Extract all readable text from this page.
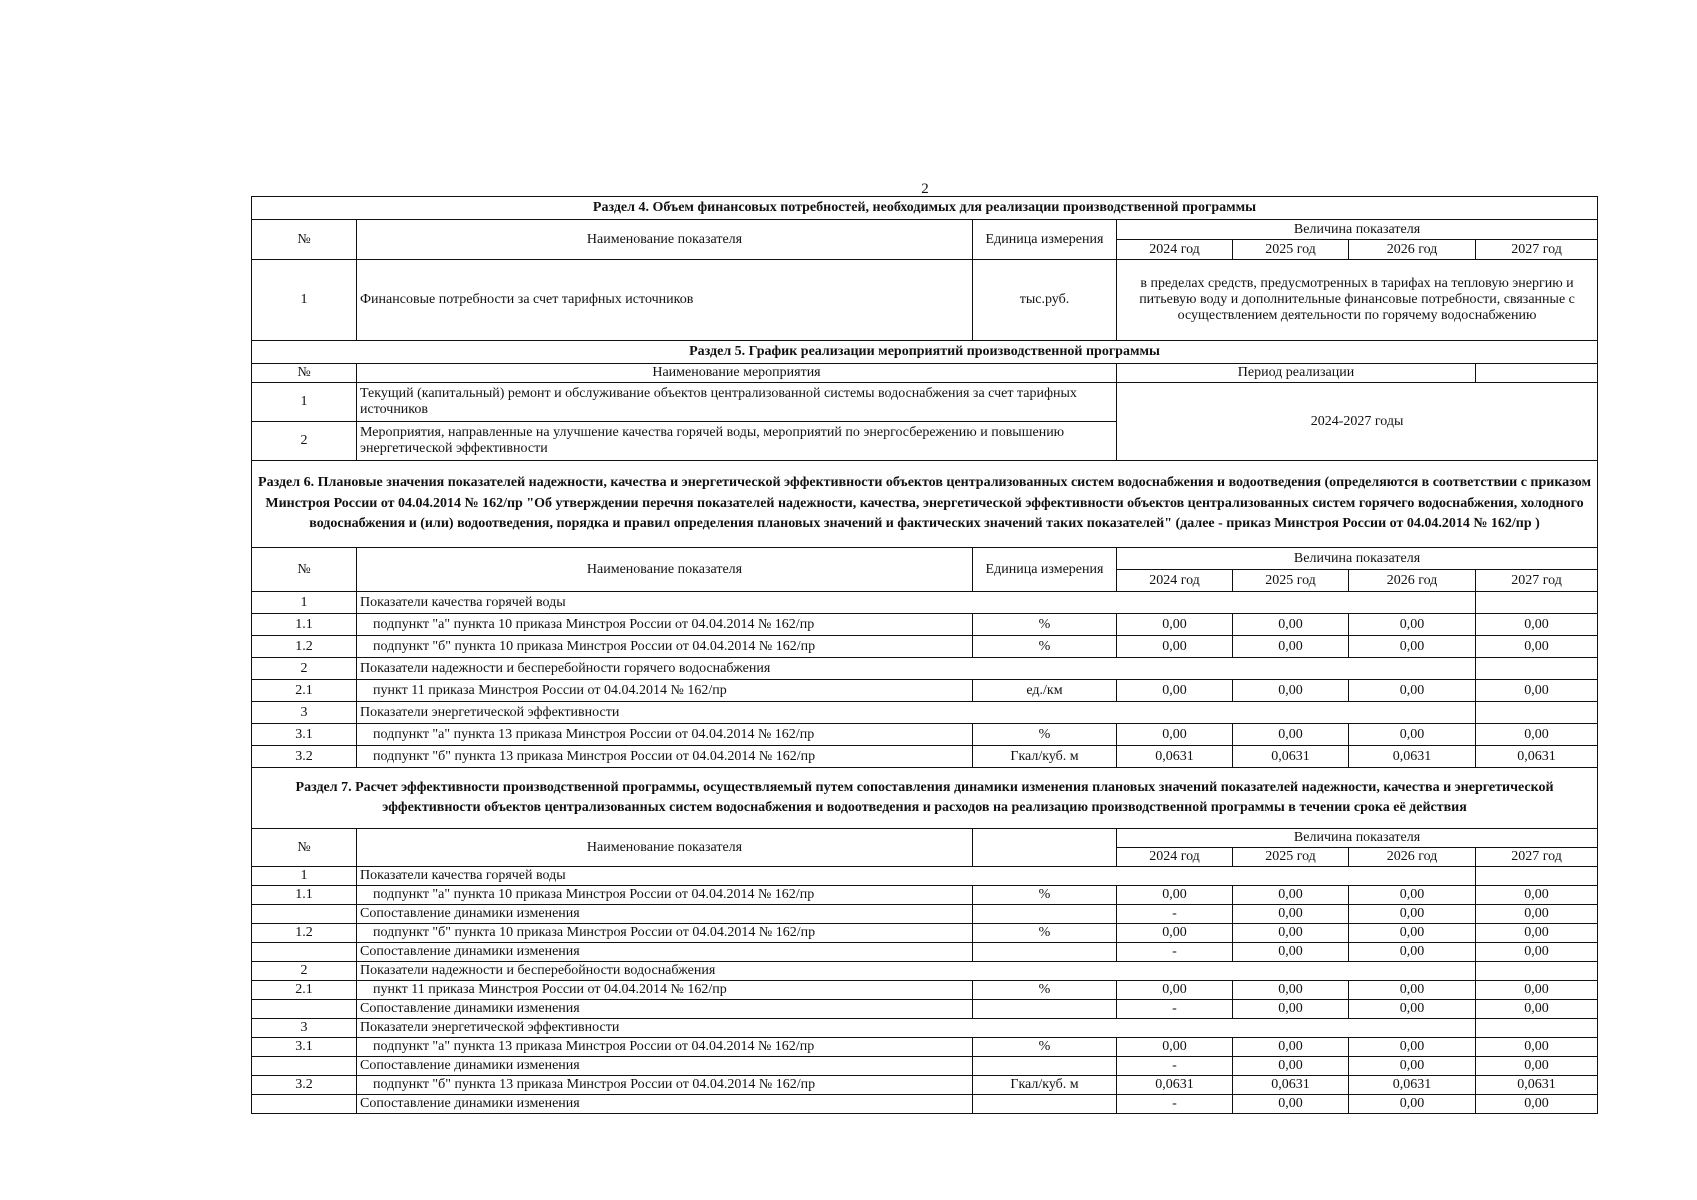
2
Раздел 4. Объем финансовых потребностей, необходимых для реализации производственной программы						
№	Наименование показателя	Единица измерения	Величина показателя			
			2024 год	2025 год	2026 год	2027 год
1	Финансовые потребности за счет тарифных источников	тыс.руб.	в пределах средств, предусмотренных в тарифах на тепловую энергию и питьевую воду и дополнительные финансовые потребности, связанные с осуществлением деятельности по горячему водоснабжению			
Раздел 5. График реализации мероприятий производственной программы						
№	Наименование мероприятия		Период реализации			
1	Текущий (капитальный) ремонт и обслуживание объектов централизованной системы водоснабжения за счет тарифных источников		2024-2027 годы			
2	Мероприятия, направленные на улучшение качества горячей воды, мероприятий по энергосбережению и повышению энергетической эффективности					
Раздел 6. Плановые значения показателей надежности, качества и энергетической эффективности объектов централизованных систем водоснабжения и водоотведения (определяются в соответствии с приказом Минстроя России от 04.04.2014 № 162/пр "Об утверждении перечня показателей надежности, качества, энергетической эффективности объектов централизованных систем горячего водоснабжения, холодного водоснабжения и (или) водоотведения, порядка и правил определения плановых значений и фактических значений таких показателей" (далее - приказ Минстроя России от 04.04.2014 № 162/пр )						
№	Наименование показателя	Единица измерения	Величина показателя			
			2024 год	2025 год	2026 год	2027 год
1	Показатели качества горячей воды					
1.1	подпункт "а" пункта 10 приказа Минстроя России от 04.04.2014 № 162/пр	%	0,00	0,00	0,00	0,00
1.2	подпункт "б" пункта 10 приказа Минстроя России от 04.04.2014 № 162/пр	%	0,00	0,00	0,00	0,00
2	Показатели надежности и бесперебойности горячего водоснабжения					
2.1	пункт 11 приказа Минстроя России от 04.04.2014 № 162/пр	ед./км	0,00	0,00	0,00	0,00
3	Показатели энергетической эффективности					
3.1	подпункт "а" пункта 13 приказа Минстроя России от 04.04.2014 № 162/пр	%	0,00	0,00	0,00	0,00
3.2	подпункт "б" пункта 13 приказа Минстроя России от 04.04.2014 № 162/пр	Гкал/куб. м	0,0631	0,0631	0,0631	0,0631
Раздел 7. Расчет эффективности производственной программы, осуществляемый путем сопоставления динамики изменения плановых значений показателей надежности, качества и энергетической эффективности объектов централизованных систем водоснабжения и водоотведения и расходов на реализацию производственной программы в течении срока её действия						
№	Наименование показателя		Величина показателя			
			2024 год	2025 год	2026 год	2027 год
1	Показатели качества горячей воды					
1.1	подпункт "а" пункта 10 приказа Минстроя России от 04.04.2014 № 162/пр	%	0,00	0,00	0,00	0,00
	Сопоставление динамики изменения		-	0,00	0,00	0,00
1.2	подпункт "б" пункта 10 приказа Минстроя России от 04.04.2014 № 162/пр	%	0,00	0,00	0,00	0,00
	Сопоставление динамики изменения		-	0,00	0,00	0,00
2	Показатели надежности и бесперебойности водоснабжения					
2.1	пункт 11 приказа Минстроя России от 04.04.2014 № 162/пр	%	0,00	0,00	0,00	0,00
	Сопоставление динамики изменения		-	0,00	0,00	0,00
3	Показатели энергетической эффективности					
3.1	подпункт "а" пункта 13 приказа Минстроя России от 04.04.2014 № 162/пр	%	0,00	0,00	0,00	0,00
	Сопоставление динамики изменения		-	0,00	0,00	0,00
3.2	подпункт "б" пункта 13 приказа Минстроя России от 04.04.2014 № 162/пр	Гкал/куб. м	0,0631	0,0631	0,0631	0,0631
	Сопоставление динамики изменения		-	0,00	0,00	0,00
